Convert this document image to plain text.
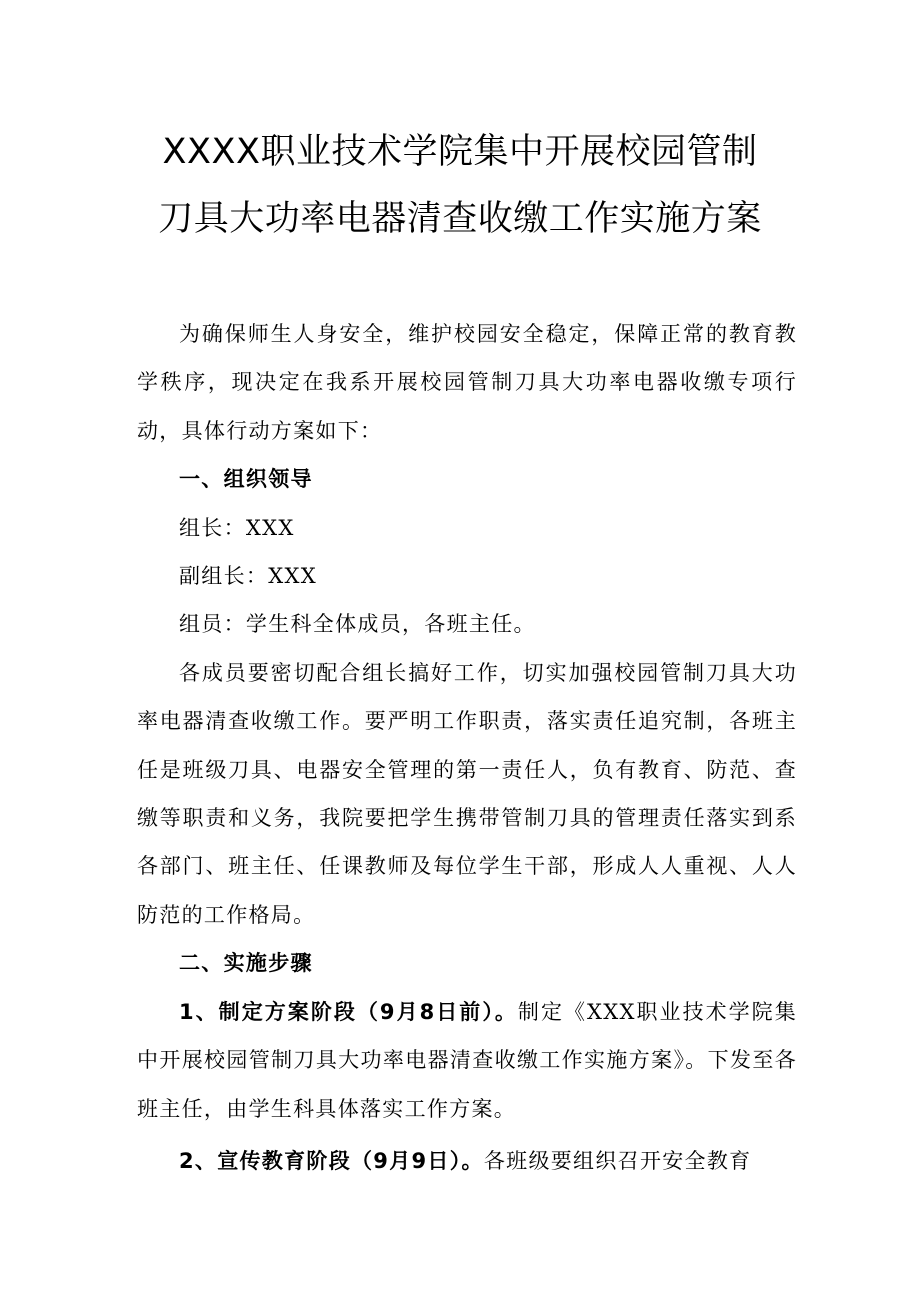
XXXX职业技术学院集中开展校园管制
刀具大功率电器清查收缴工作实施方案

为确保师生人身安全，维护校园安全稳定，保障正常的教育教学秩序，现决定在我系开展校园管制刀具大功率电器收缴专项行动，具体行动方案如下：

一、组织领导

组长：XXX

副组长：XXX

组员：学生科全体成员，各班主任。

各成员要密切配合组长搞好工作，切实加强校园管制刀具大功率电器清查收缴工作。要严明工作职责，落实责任追究制，各班主任是班级刀具、电器安全管理的第一责任人，负有教育、防范、查缴等职责和义务，我院要把学生携带管制刀具的管理责任落实到系各部门、班主任、任课教师及每位学生干部，形成人人重视、人人防范的工作格局。

二、实施步骤

1、制定方案阶段（9月8日前）。制定《XXX职业技术学院集中开展校园管制刀具大功率电器清查收缴工作实施方案》。下发至各班主任，由学生科具体落实工作方案。

2、宣传教育阶段（9月9日）。各班级要组织召开安全教育
